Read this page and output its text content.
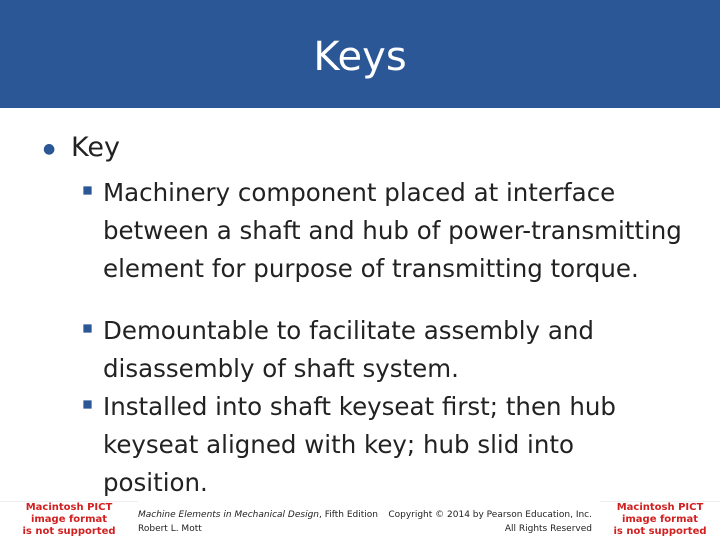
Keys
● Key
Machinery component placed at interface between a shaft and hub of power-transmitting element for purpose of transmitting torque.
Demountable to facilitate assembly and disassembly of shaft system.
Installed into shaft keyseat first; then hub keyseat aligned with key; hub slid into position.
Macintosh PICT
image format
is not supported
Machine Elements in Mechanical Design, Fifth Edition
Robert L. Mott
Copyright © 2014 by Pearson Education, Inc.
All Rights Reserved
Macintosh PICT
image format
is not supported
